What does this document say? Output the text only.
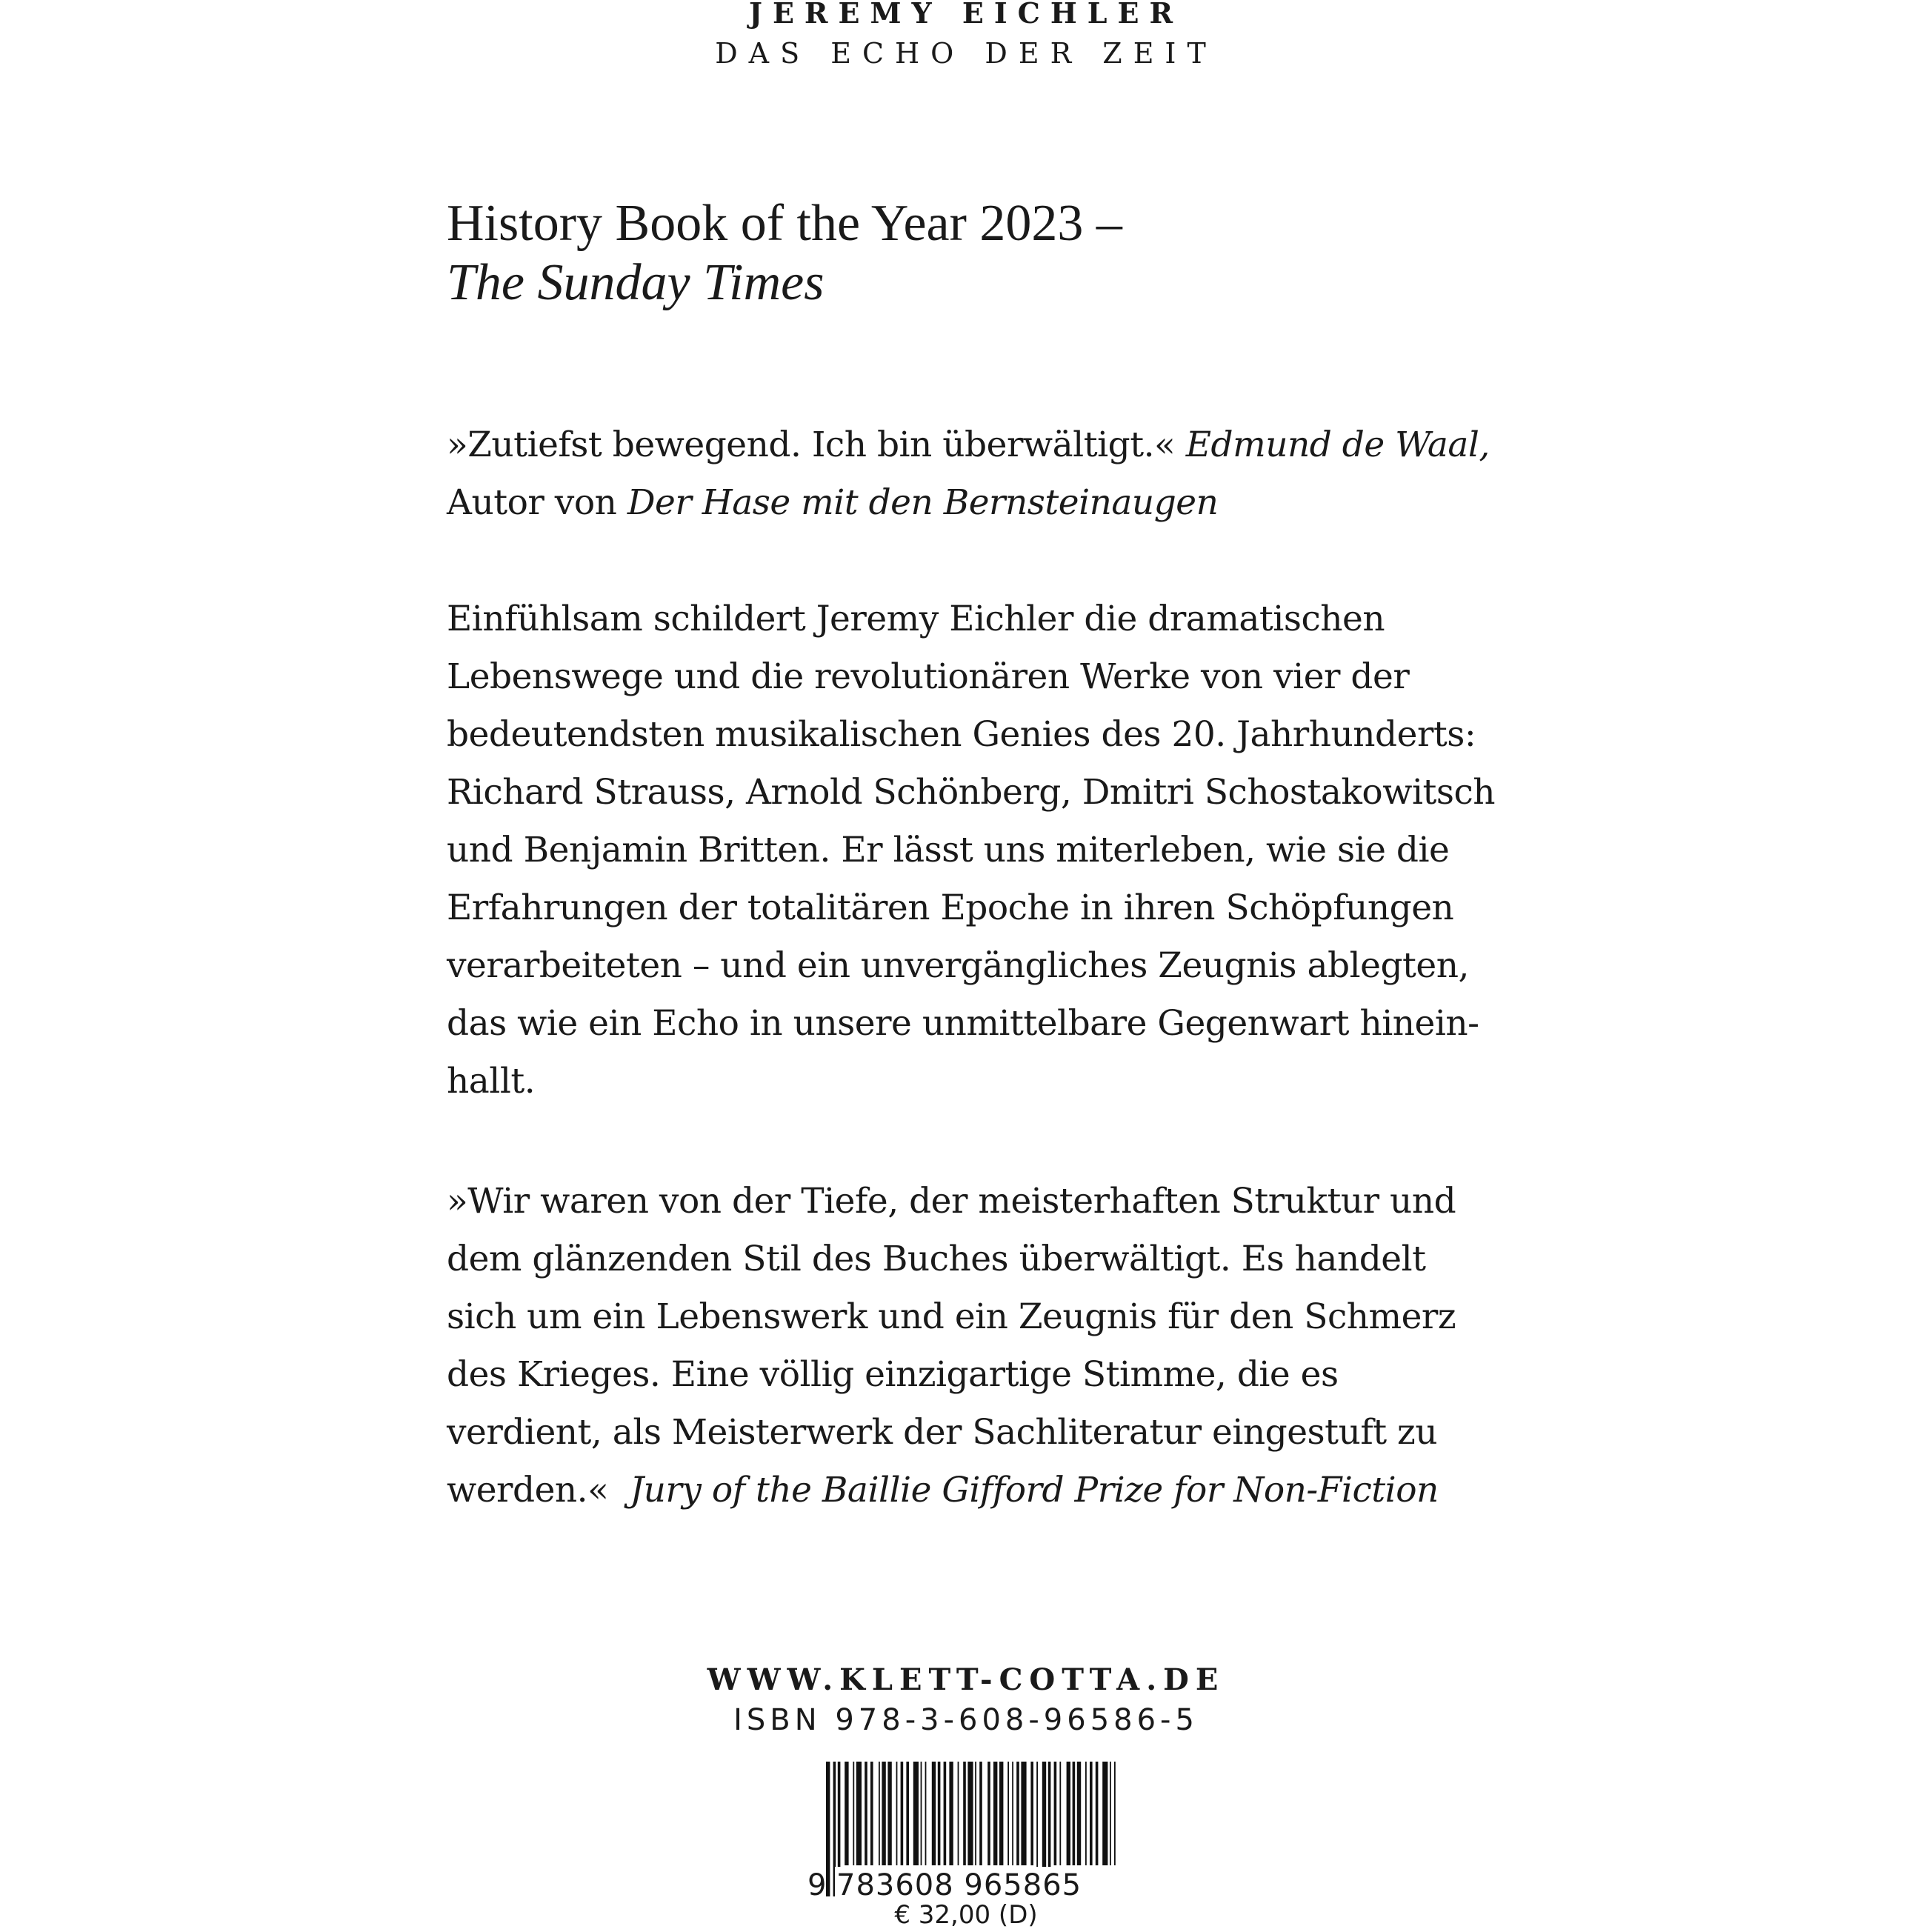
JEREMY EICHLER
DAS ECHO DER ZEIT
History Book of the Year 2023 –
The Sunday Times
»Zutiefst bewegend. Ich bin überwältigt.« Edmund de Waal,
Autor von Der Hase mit den Bernsteinaugen
Einfühlsam schildert Jeremy Eichler die dramatischen
Lebenswege und die revolutionären Werke von vier der
bedeutendsten musikalischen Genies des 20. Jahrhunderts:
Richard Strauss, Arnold Schönberg, Dmitri Schostakowitsch
und Benjamin Britten. Er lässt uns miterleben, wie sie die
Erfahrungen der totalitären Epoche in ihren Schöpfungen
verarbeiteten – und ein unvergängliches Zeugnis ablegten,
das wie ein Echo in unsere unmittelbare Gegenwart hinein-
hallt.
»Wir waren von der Tiefe, der meisterhaften Struktur und
dem glänzenden Stil des Buches überwältigt. Es handelt
sich um ein Lebenswerk und ein Zeugnis für den Schmerz
des Krieges. Eine völlig einzigartige Stimme, die es
verdient, als Meisterwerk der Sachliteratur eingestuft zu
werden.« Jury of the Baillie Gifford Prize for Non-Fiction
WWW.KLETT-COTTA.DE
ISBN 978-3-608-96586-5
9 783608 965865
€ 32,00 (D)
